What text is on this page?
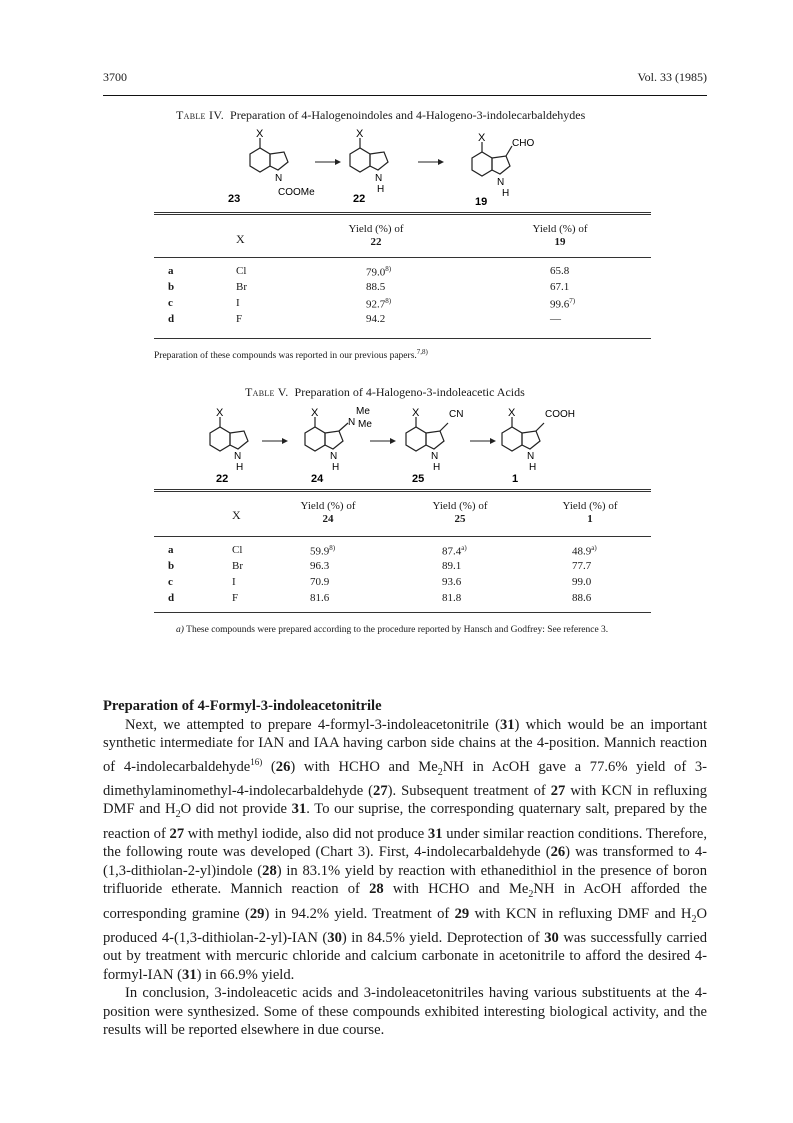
3700	Vol. 33 (1985)
Table IV. Preparation of 4-Halogenoindoles and 4-Halogeno-3-indolecarbaldehydes
X
N
COOMe
23
X
N
H
22
X	CHO
N
H
19
X
Yield (%) of
22
Yield (%) of
19
a	Cl	79.0$^{8)}$	65.8
b	Br	88.5	67.1
c	I	92.7$^{8)}$	99.6$^{7)}$
d	F	94.2	—
Preparation of these compounds was reported in our previous papers.$^{7,8)}$
Table V. Preparation of 4-Halogeno-3-indoleacetic Acids
X
N
H
22
X
N
Me
Me
N
H
24
X	CN
N
H
25
X	COOH
N
H
1
X
Yield (%) of
24
Yield (%) of
25
Yield (%) of
1
a	Cl	59.9$^{8)}$	87.4$^{a)}$	48.9$^{a)}$
b	Br	96.3	89.1	77.7
c	I	70.9	93.6	99.0
d	F	81.6	81.8	88.6
a) These compounds were prepared according to the procedure reported by Hansch and Godfrey: See reference 3.
Preparation of 4-Formyl-3-indoleacetonitrile

Next, we attempted to prepare 4-formyl-3-indoleacetonitrile (31) which would be an important synthetic intermediate for IAN and IAA having carbon side chains at the 4-position. Mannich reaction of 4-indolecarbaldehyde$^{16)}$ (26) with HCHO and $Me_2NH$ in AcOH gave a 77.6% yield of 3-dimethylaminomethyl-4-indolecarbaldehyde (27). Subsequent treatment of 27 with KCN in refluxing DMF and $H_2O$ did not provide 31. To our suprise, the corresponding quaternary salt, prepared by the reaction of 27 with methyl iodide, also did not produce 31 under similar reaction conditions. Therefore, the following route was developed (Chart 3). First, 4-indolecarbaldehyde (26) was transformed to 4-(1,3-dithiolan-2-yl)indole (28) in 83.1% yield by reaction with ethanedithiol in the presence of boron trifluoride etherate. Mannich reaction of 28 with HCHO and $Me_2NH$ in AcOH afforded the corresponding gramine (29) in 94.2% yield. Treatment of 29 with KCN in refluxing DMF and $H_2O$ produced 4-(1,3-dithiolan-2-yl)-IAN (30) in 84.5% yield. Deprotection of 30 was successfully carried out by treatment with mercuric chloride and calcium carbonate in acetonitrile to afford the desired 4-formyl-IAN (31) in 66.9% yield.

In conclusion, 3-indoleacetic acids and 3-indoleacetonitriles having various substituents at the 4-position were synthesized. Some of these compounds exhibited interesting biological activity, and the results will be reported elsewhere in due course.
